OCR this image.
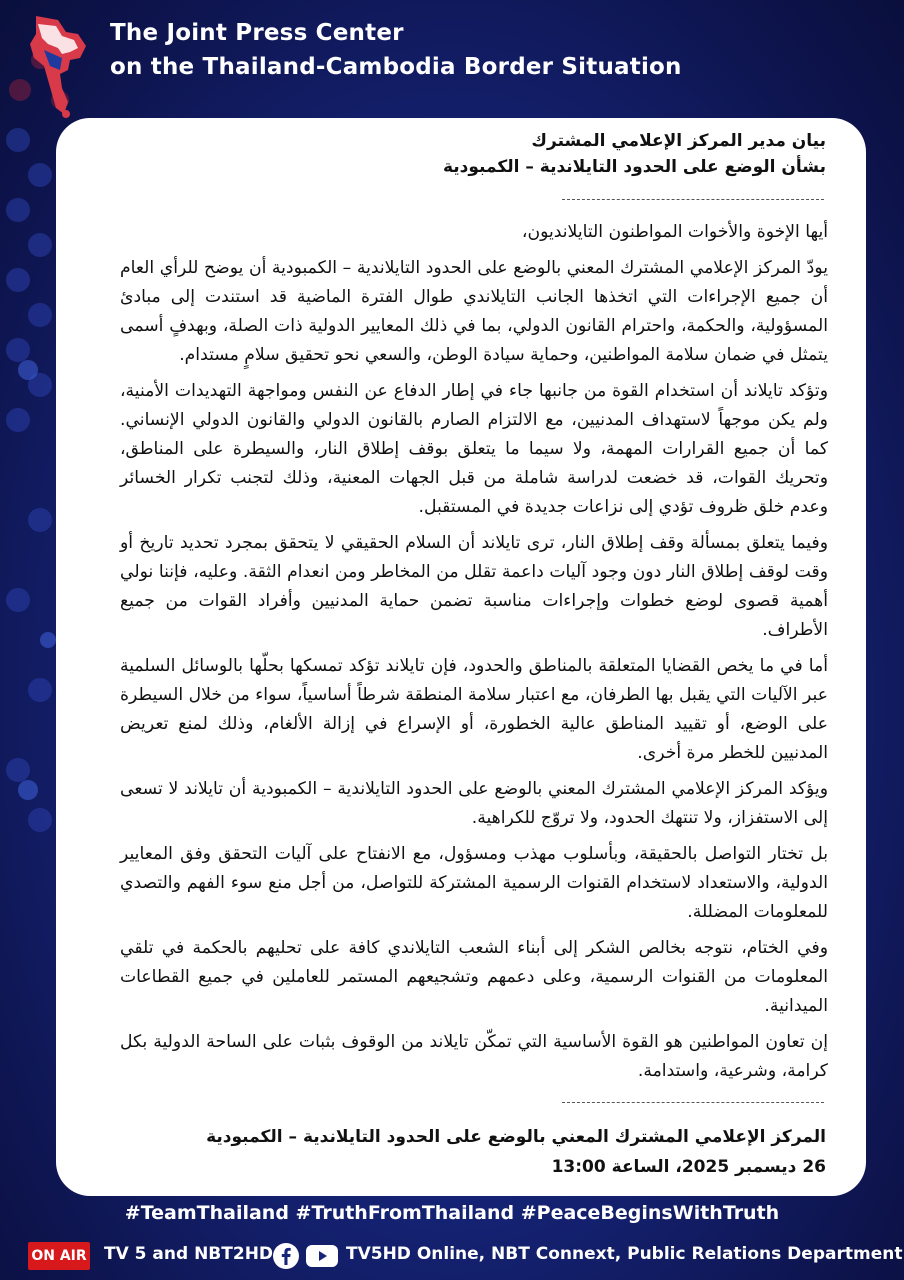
The Joint Press Center
on the Thailand-Cambodia Border Situation
بيان مدير المركز الإعلامي المشترك
بشأن الوضع على الحدود التايلاندية – الكمبودية

أيها الإخوة والأخوات المواطنون التايلانديون،

يودّ المركز الإعلامي المشترك المعني بالوضع على الحدود التايلاندية – الكمبودية أن يوضح للرأي العام أن جميع الإجراءات التي اتخذها الجانب التايلاندي طوال الفترة الماضية قد استندت إلى مبادئ المسؤولية، والحكمة، واحترام القانون الدولي، بما في ذلك المعايير الدولية ذات الصلة، وبهدفٍ أسمى يتمثل في ضمان سلامة المواطنين، وحماية سيادة الوطن، والسعي نحو تحقيق سلامٍ مستدام.

وتؤكد تايلاند أن استخدام القوة من جانبها جاء في إطار الدفاع عن النفس ومواجهة التهديدات الأمنية، ولم يكن موجهاً لاستهداف المدنيين، مع الالتزام الصارم بالقانون الدولي والقانون الدولي الإنساني. كما أن جميع القرارات المهمة، ولا سيما ما يتعلق بوقف إطلاق النار، والسيطرة على المناطق، وتحريك القوات، قد خضعت لدراسة شاملة من قبل الجهات المعنية، وذلك لتجنب تكرار الخسائر وعدم خلق ظروف تؤدي إلى نزاعات جديدة في المستقبل.

وفيما يتعلق بمسألة وقف إطلاق النار، ترى تايلاند أن السلام الحقيقي لا يتحقق بمجرد تحديد تاريخ أو وقت لوقف إطلاق النار دون وجود آليات داعمة تقلل من المخاطر ومن انعدام الثقة. وعليه، فإننا نولي أهمية قصوى لوضع خطوات وإجراءات مناسبة تضمن حماية المدنيين وأفراد القوات من جميع الأطراف.

أما في ما يخص القضايا المتعلقة بالمناطق والحدود، فإن تايلاند تؤكد تمسكها بحلّها بالوسائل السلمية عبر الآليات التي يقبل بها الطرفان، مع اعتبار سلامة المنطقة شرطاً أساسياً، سواء من خلال السيطرة على الوضع، أو تقييد المناطق عالية الخطورة، أو الإسراع في إزالة الألغام، وذلك لمنع تعريض المدنيين للخطر مرة أخرى.

ويؤكد المركز الإعلامي المشترك المعني بالوضع على الحدود التايلاندية – الكمبودية أن تايلاند لا تسعى إلى الاستفزاز، ولا تنتهك الحدود، ولا تروّج للكراهية.

بل تختار التواصل بالحقيقة، وبأسلوب مهذب ومسؤول، مع الانفتاح على آليات التحقق وفق المعايير الدولية، والاستعداد لاستخدام القنوات الرسمية المشتركة للتواصل، من أجل منع سوء الفهم والتصدي للمعلومات المضللة.

وفي الختام، نتوجه بخالص الشكر إلى أبناء الشعب التايلاندي كافة على تحليهم بالحكمة في تلقي المعلومات من القنوات الرسمية، وعلى دعمهم وتشجيعهم المستمر للعاملين في جميع القطاعات الميدانية.

إن تعاون المواطنين هو القوة الأساسية التي تمكّن تايلاند من الوقوف بثبات على الساحة الدولية بكل كرامة، وشرعية، واستدامة.

المركز الإعلامي المشترك المعني بالوضع على الحدود التايلاندية – الكمبودية
26 ديسمبر 2025، الساعة 13:00
#TeamThailand #TruthFromThailand #PeaceBeginsWithTruth
ON AIR TV 5 and NBT2HD	TV5HD Online, NBT Connext, Public Relations Department
